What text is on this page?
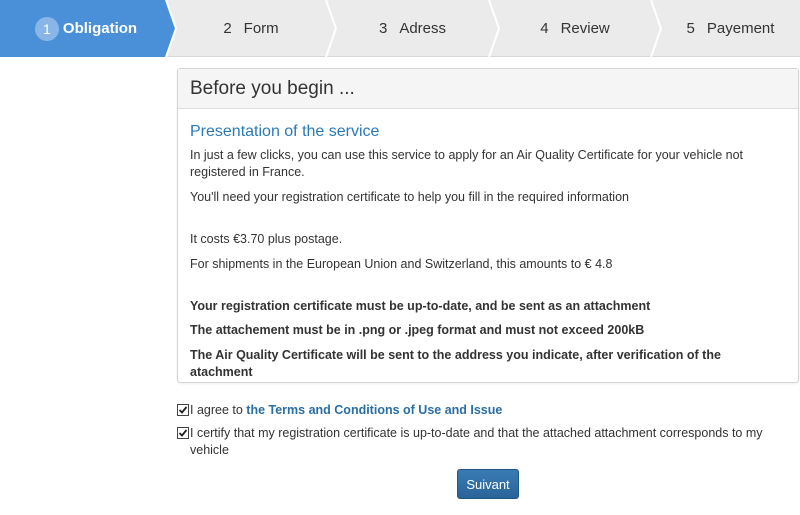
1 Obligation	2 Form	3 Adress	4 Review	5 Payement
Before you begin ...
Presentation of the service
In just a few clicks, you can use this service to apply for an Air Quality Certificate for your vehicle not registered in France.
You'll need your registration certificate to help you fill in the required information
It costs €3.70 plus postage.
For shipments in the European Union and Switzerland, this amounts to € 4.8
Your registration certificate must be up-to-date, and be sent as an attachment
The attachement must be in .png or .jpeg format and must not exceed 200kB
The Air Quality Certificate will be sent to the address you indicate, after verification of the atachment
I agree to the Terms and Conditions of Use and Issue
I certify that my registration certificate is up-to-date and that the attached attachment corresponds to my vehicle
Suivant
